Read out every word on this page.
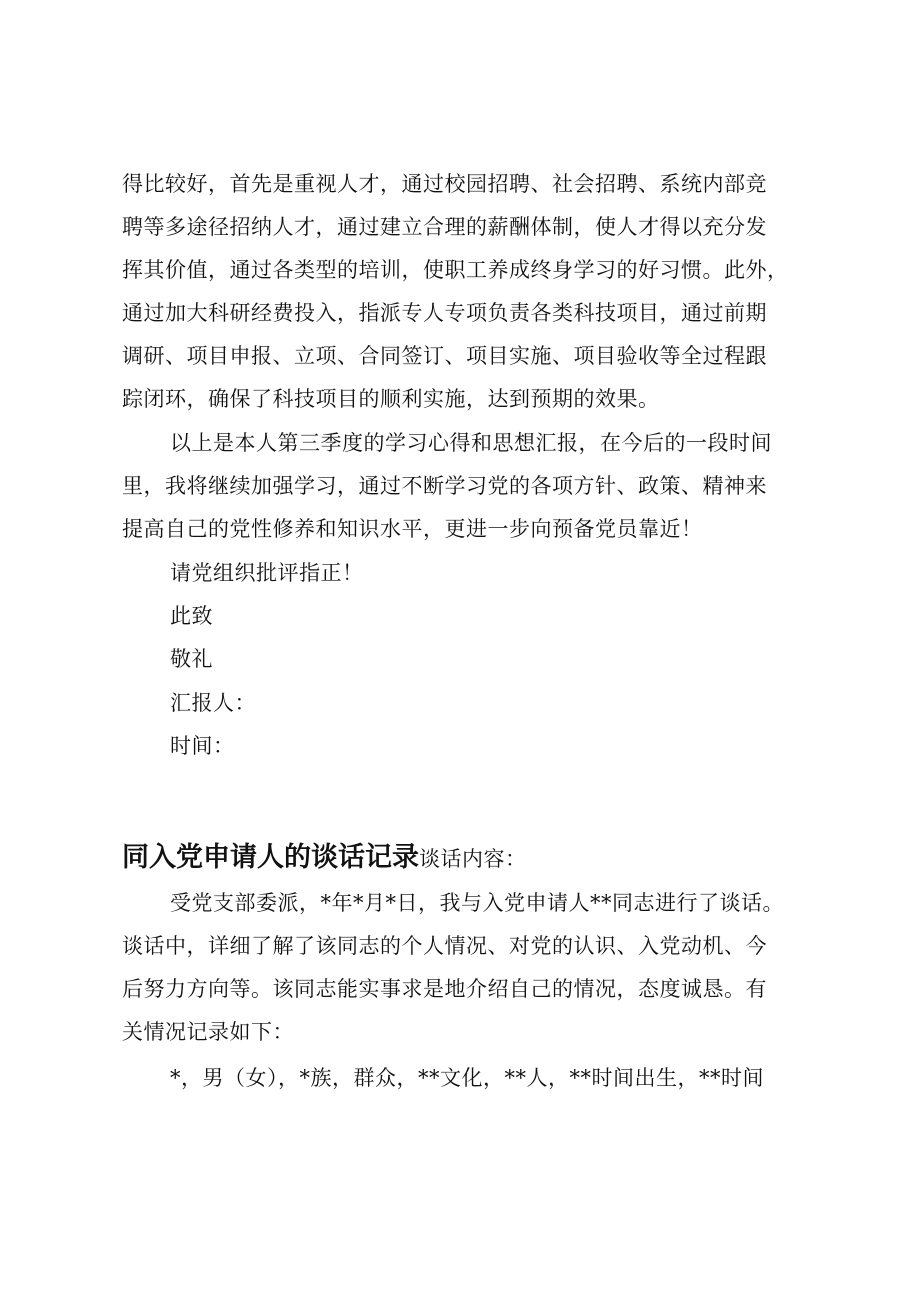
得比较好，首先是重视人才，通过校园招聘、社会招聘、系统内部竞
聘等多途径招纳人才，通过建立合理的薪酬体制，使人才得以充分发
挥其价值，通过各类型的培训，使职工养成终身学习的好习惯。此外，
通过加大科研经费投入，指派专人专项负责各类科技项目，通过前期
调研、项目申报、立项、合同签订、项目实施、项目验收等全过程跟
踪闭环，确保了科技项目的顺利实施，达到预期的效果。
以上是本人第三季度的学习心得和思想汇报，在今后的一段时间
里，我将继续加强学习，通过不断学习党的各项方针、政策、精神来
提高自己的党性修养和知识水平，更进一步向预备党员靠近！
请党组织批评指正！
此致
敬礼
汇报人：
时间：
同入党申请人的谈话记录谈话内容：
受党支部委派，*年*月*日，我与入党申请人**同志进行了谈话。
谈话中，详细了解了该同志的个人情况、对党的认识、入党动机、今
后努力方向等。该同志能实事求是地介绍自己的情况，态度诚恳。有
关情况记录如下：
*，男（女），*族，群众，**文化，**人，**时间出生，**时间
